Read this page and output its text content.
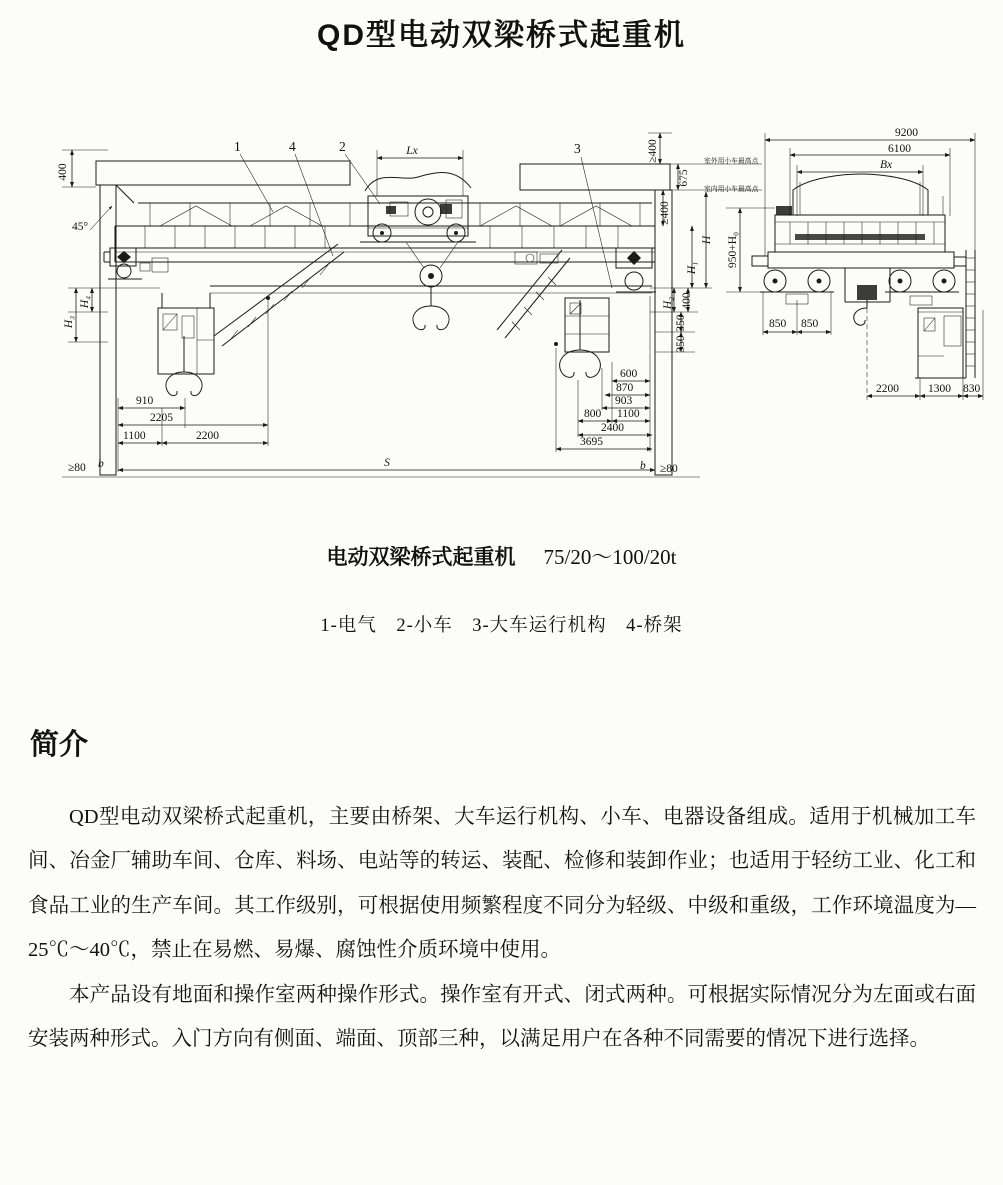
QD型电动双梁桥式起重机
400
45°
H₄
H₃
Lx	≥400
675
≥400
室外用小车最高点
室内用小车最高点
H
H₁
H₂ 400
350
350
910
2205
1100	2200
600
870
903
800 1100
2400
3695
S
≥80 b	b ≥80
1	4	2	3
9200
6100
Bx
850 850
950+H₀
2200	1300 830
电动双梁桥式起重机 75/20～100/20t
1-电气　2-小车　3-大车运行机构　4-桥架
简介

QD型电动双梁桥式起重机，主要由桥架、大车运行机构、小车、电器设备组成。适用于机械加工车间、冶金厂辅助车间、仓库、料场、电站等的转运、装配、检修和装卸作业；也适用于轻纺工业、化工和食品工业的生产车间。其工作级别，可根据使用频繁程度不同分为轻级、中级和重级，工作环境温度为—25℃～40℃，禁止在易燃、易爆、腐蚀性介质环境中使用。

本产品设有地面和操作室两种操作形式。操作室有开式、闭式两种。可根据实际情况分为左面或右面安装两种形式。入门方向有侧面、端面、顶部三种，以满足用户在各种不同需要的情况下进行选择。
